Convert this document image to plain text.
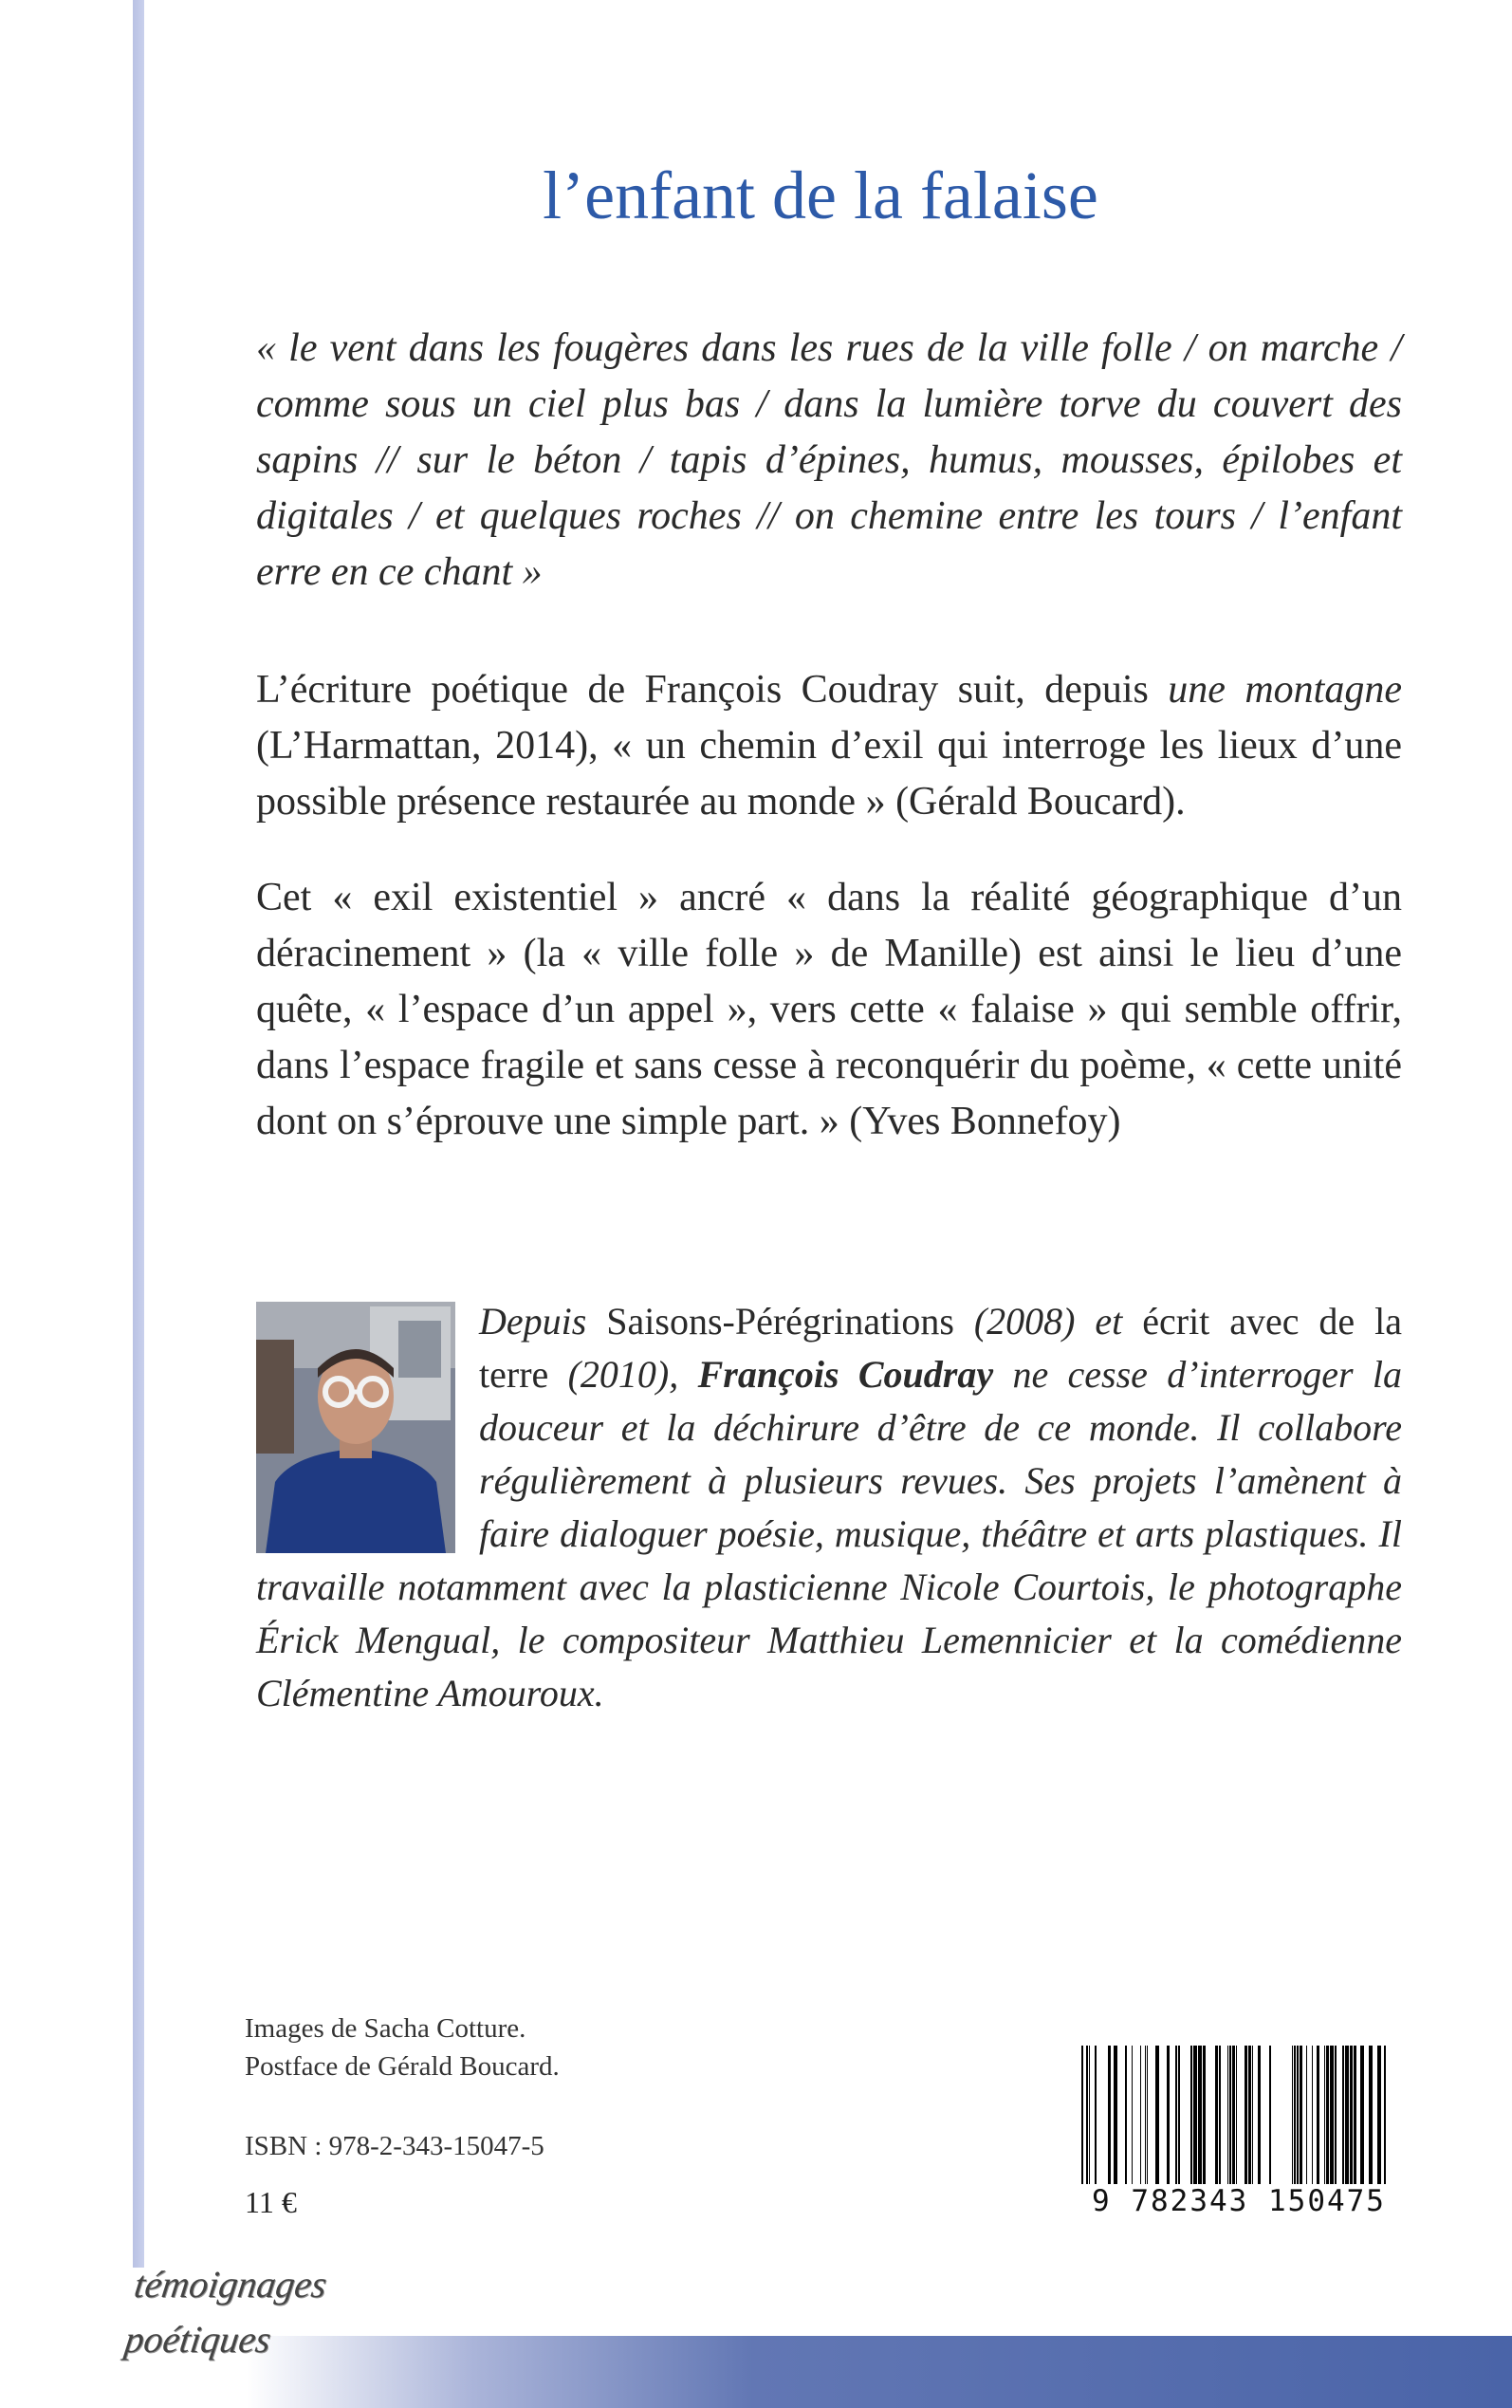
l’enfant de la falaise

« le vent dans les fougères dans les rues de la ville folle / on marche / comme sous un ciel plus bas / dans la lumière torve du couvert des sapins // sur le béton / tapis d’épines, humus, mousses, épilobes et digitales / et quelques roches // on chemine entre les tours / l’enfant erre en ce chant »

L’écriture poétique de François Coudray suit, depuis une montagne (L’Harmattan, 2014), « un chemin d’exil qui interroge les lieux d’une possible présence restaurée au monde » (Gérald Boucard).

Cet « exil existentiel » ancré « dans la réalité géographique d’un déracinement » (la « ville folle » de Manille) est ainsi le lieu d’une quête, « l’espace d’un appel », vers cette « falaise » qui semble offrir, dans l’espace fragile et sans cesse à reconquérir du poème, « cette unité dont on s’éprouve une simple part. » (Yves Bonnefoy)

Depuis Saisons-Pérégrinations (2008) et écrit avec de la terre (2010), François Coudray ne cesse d’interroger la douceur et la déchirure d’être de ce monde. Il collabore régulièrement à plusieurs revues. Ses projets l’amènent à faire dialoguer poésie, musique, théâtre et arts plastiques. Il travaille notamment avec la plasticienne Nicole Courtois, le photographe Érick Mengual, le compositeur Matthieu Lemennicier et la comédienne Clémentine Amouroux.
Images de Sacha Cotture.
Postface de Gérald Boucard.
ISBN : 978-2-343-15047-5
11 €	9 782343 150475
témoignages
poétiques
